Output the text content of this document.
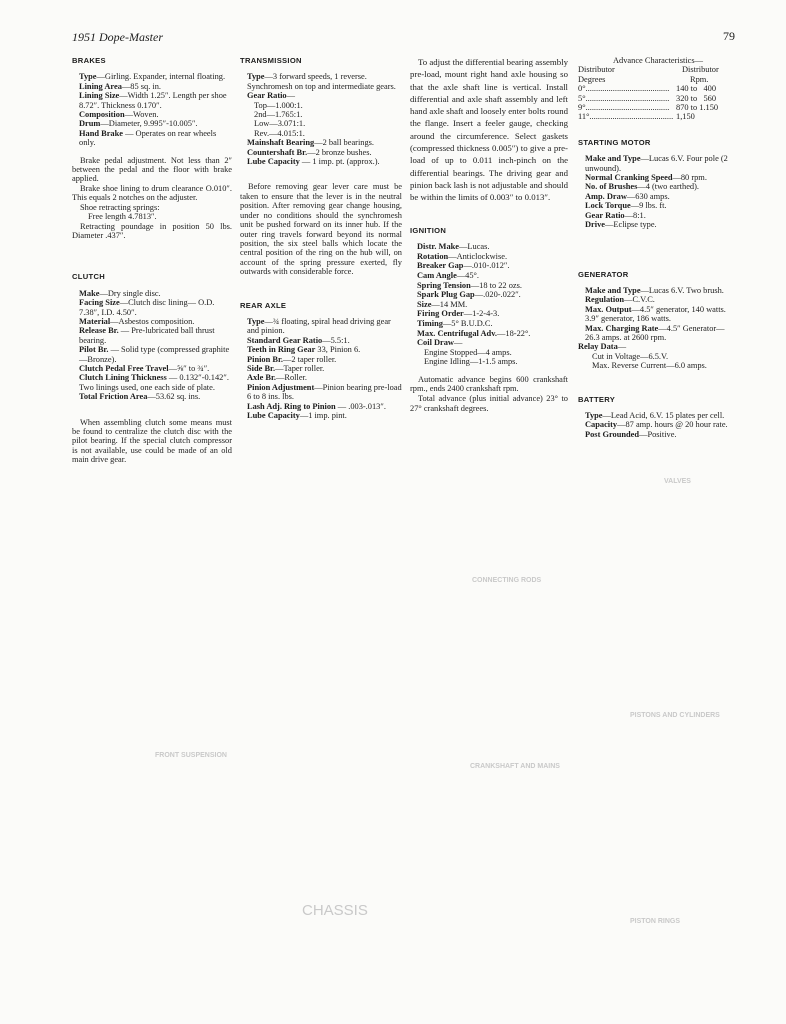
1951 Dope-Master	79
BRAKES

Type—Girling. Expander, internal floating.

Lining Area—85 sq. in.

Lining Size—Width 1.25″. Length per shoe 8.72″. Thickness 0.170″.

Composition—Woven.

Drum—Diameter, 9.995″-10.005″.

Hand Brake — Operates on rear wheels only.

Brake pedal adjustment. Not less than 2″ between the pedal and the floor with brake applied.

Brake shoe lining to drum clearance O.010″. This equals 2 notches on the adjuster.

Shoe retracting springs:

Free length 4.7813″.

Retracting poundage in position 50 lbs. Diameter .437″.

CLUTCH

Make—Dry single disc.

Facing Size—Clutch disc lining— O.D. 7.38″, I.D. 4.50″.

Material—Asbestos composition.

Release Br. — Pre-lubricated ball thrust bearing.

Pilot Br. — Solid type (compressed graphite—Bronze).

Clutch Pedal Free Travel—⅝″ to ¾″.

Clutch Lining Thickness — 0.132″-0.142″. Two linings used, one each side of plate.

Total Friction Area—53.62 sq. ins.

When assembling clutch some means must be found to centralize the clutch disc with the pilot bearing. If the special clutch compressor is not available, use could be made of an old main drive gear.

TRANSMISSION

Type—3 forward speeds, 1 reverse. Synchromesh on top and intermediate gears.

Gear Ratio—

Top—1.000:1.

2nd—1.765:1.

Low—3.071:1.

Rev.—4.015:1.

Mainshaft Bearing—2 ball bearings.

Countershaft Br.—2 bronze bushes.

Lube Capacity — 1 imp. pt. (approx.).

Before removing gear lever care must be taken to ensure that the lever is in the neutral position. After removing gear change housing, under no conditions should the synchromesh unit be pushed forward on its inner hub. If the outer ring travels forward beyond its normal position, the six steel balls which locate the central position of the ring on the hub will, on account of the spring pressure exerted, fly outwards with considerable force.

REAR AXLE

Type—¾ floating, spiral head driving gear and pinion.

Standard Gear Ratio—5.5:1.

Teeth in Ring Gear 33, Pinion 6.

Pinion Br.—2 taper roller.

Side Br.—Taper roller.

Axle Br.—Roller.

Pinion Adjustment—Pinion bearing pre-load 6 to 8 ins. lbs.

Lash Adj. Ring to Pinion — .003-.013″.

Lube Capacity—1 imp. pint.

To adjust the differential bearing assembly pre-load, mount right hand axle housing so that the axle shaft line is vertical. Install differential and axle shaft assembly and left hand axle shaft and loosely enter bolts round the flange. Insert a feeler gauge, checking around the circumference. Select gaskets (compressed thickness 0.005″) to give a pre-load of up to 0.011 inch-pinch on the differential bearings. The driving gear and pinion back lash is not adjustable and should be within the limits of 0.003″ to 0.013″.

IGNITION

Distr. Make—Lucas.

Rotation—Anticlockwise.

Breaker Gap—.010-.012″.

Cam Angle—45°.

Spring Tension—18 to 22 ozs.

Spark Plug Gap—.020-.022″.

Size—14 MM.

Firing Order—1-2-4-3.

Timing—5° B.U.D.C.

Max. Centrifugal Adv.—18-22°.

Coil Draw—

Engine Stopped—4 amps.

Engine Idling—1-1.5 amps.

Automatic advance begins 600 crankshaft rpm., ends 2400 crankshaft rpm.

Total advance (plus initial advance) 23° to 27° crankshaft degrees.

Advance Characteristics—

Distributor	Distributor
Degrees	Rpm.
0° ........................................ 140 to   400
5° ........................................ 320 to   560
9° ........................................ 870 to 1.150
11° ........................................ 1,150
STARTING MOTOR

Make and Type—Lucas 6.V. Four pole (2 unwound).

Normal Cranking Speed—80 rpm.

No. of Brushes—4 (two earthed).

Amp. Draw—630 amps.

Lock Torque—9 lbs. ft.

Gear Ratio—8:1.

Drive—Eclipse type.

GENERATOR

Make and Type—Lucas 6.V. Two brush.

Regulation—C.V.C.

Max. Output—4.5″ generator, 140 watts. 3.9″ generator, 186 watts.

Max. Charging Rate—4.5″ Generator—26.3 amps. at 2600 rpm.

Relay Data—

Cut in Voltage—6.5.V.

Max. Reverse Current—6.0 amps.

BATTERY

Type—Lead Acid, 6.V. 15 plates per cell.

Capacity—87 amp. hours @ 20 hour rate.

Post Grounded—Positive.

PISTONS AND CYLINDERS
PISTON RINGS
CRANKSHAFT AND MAINS
CONNECTING RODS
VALVES
FRONT SUSPENSION
CHASSIS
